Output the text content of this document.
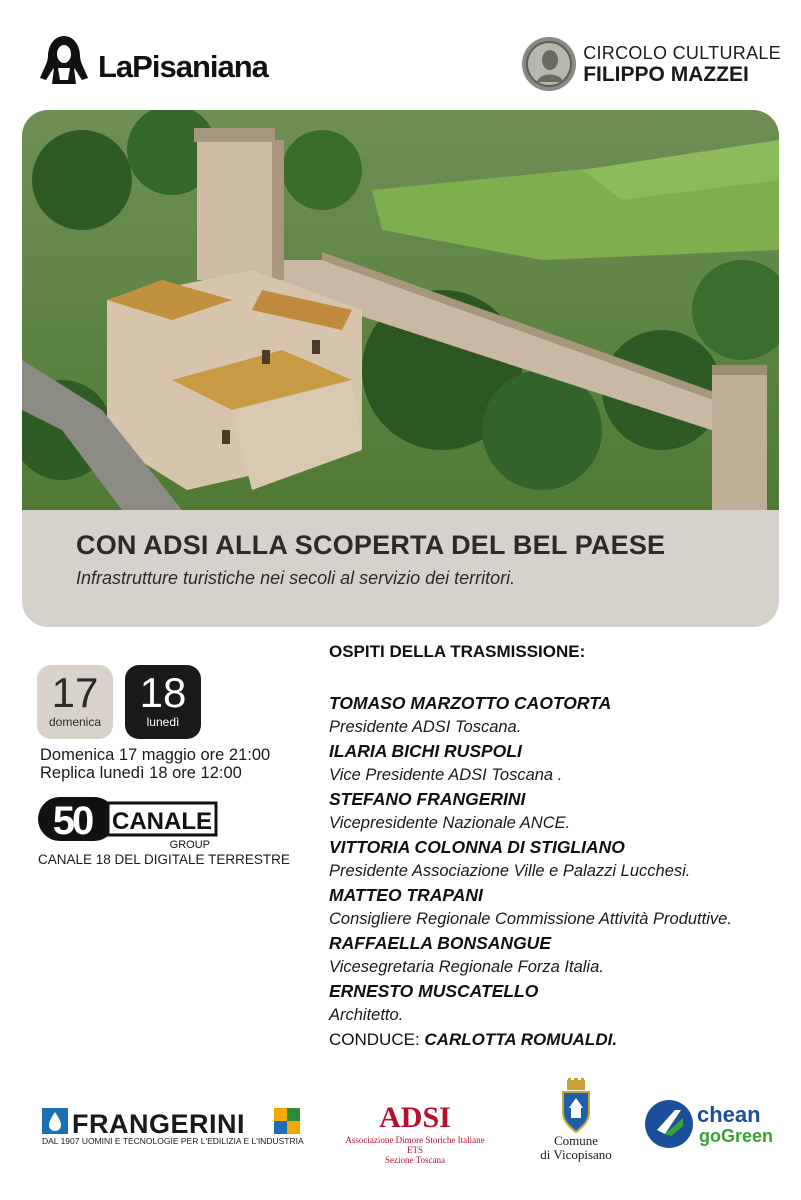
LaPisaniana	CIRCOLO CULTURALE
FILIPPO MAZZEI
CON ADSI ALLA SCOPERTA DEL BEL PAESE
Infrastrutture turistiche nei secoli al servizio dei territori.
17
domenica
18
lunedì
Domenica 17 maggio ore 21:00
Replica lunedì 18 ore 12:00
50 CANALE
GROUP
CANALE 18 DEL DIGITALE TERRESTRE
OSPITI DELLA TRASMISSIONE:
TOMASO MARZOTTO CAOTORTA
Presidente ADSI Toscana.
ILARIA BICHI RUSPOLI
Vice Presidente ADSI Toscana .
STEFANO FRANGERINI
Vicepresidente Nazionale ANCE.
VITTORIA COLONNA DI STIGLIANO
Presidente Associazione Ville e Palazzi Lucchesi.
MATTEO TRAPANI
Consigliere Regionale Commissione Attività Produttive.
RAFFAELLA BONSANGUE
Vicesegretaria Regionale Forza Italia.
ERNESTO MUSCATELLO
Architetto.
CONDUCE: CARLOTTA ROMUALDI.
FRANGERINI
DAL 1907 UOMINI E TECNOLOGIE PER L'EDILIZIA E L'INDUSTRIA
ADSI
Associazione Dimore Storiche Italiane ETS
Sezione Toscana
Comune
di Vicopisano
chean
goGreen
